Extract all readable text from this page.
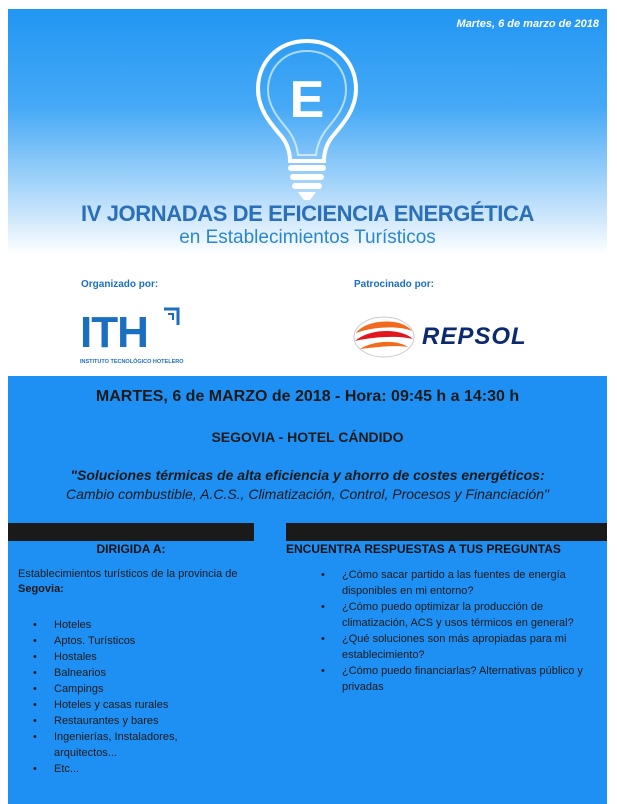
Martes, 6 de marzo de 2018
E
IV JORNADAS DE EFICIENCIA ENERGÉTICA
en Establecimientos Turísticos
Organizado por:	Patrocinado por:
ITH
INSTITUTO TECNOLÓGICO HOTELERO
REPSOL
MARTES, 6 de MARZO de 2018 - Hora: 09:45 h a 14:30 h
SEGOVIA - HOTEL CÁNDIDO
"Soluciones térmicas de alta eficiencia y ahorro de costes energéticos:
Cambio combustible, A.C.S., Climatización, Control, Procesos y Financiación"
DIRIGIDA A:	ENCUENTRA RESPUESTAS A TUS PREGUNTAS
Establecimientos turísticos de la provincia de Segovia:
• Hoteles
• Aptos. Turísticos
• Hostales
• Balnearios
• Campings
• Hoteles y casas rurales
• Restaurantes y bares
• Ingenierías, Instaladores, arquitectos...
• Etc...
• ¿Cómo sacar partido a las fuentes de energía disponibles en mi entorno?
• ¿Cómo puedo optimizar la producción de climatización, ACS y usos térmicos en general?
• ¿Qué soluciones son más apropiadas para mi establecimiento?
• ¿Cómo puedo financiarlas? Alternativas público y privadas
